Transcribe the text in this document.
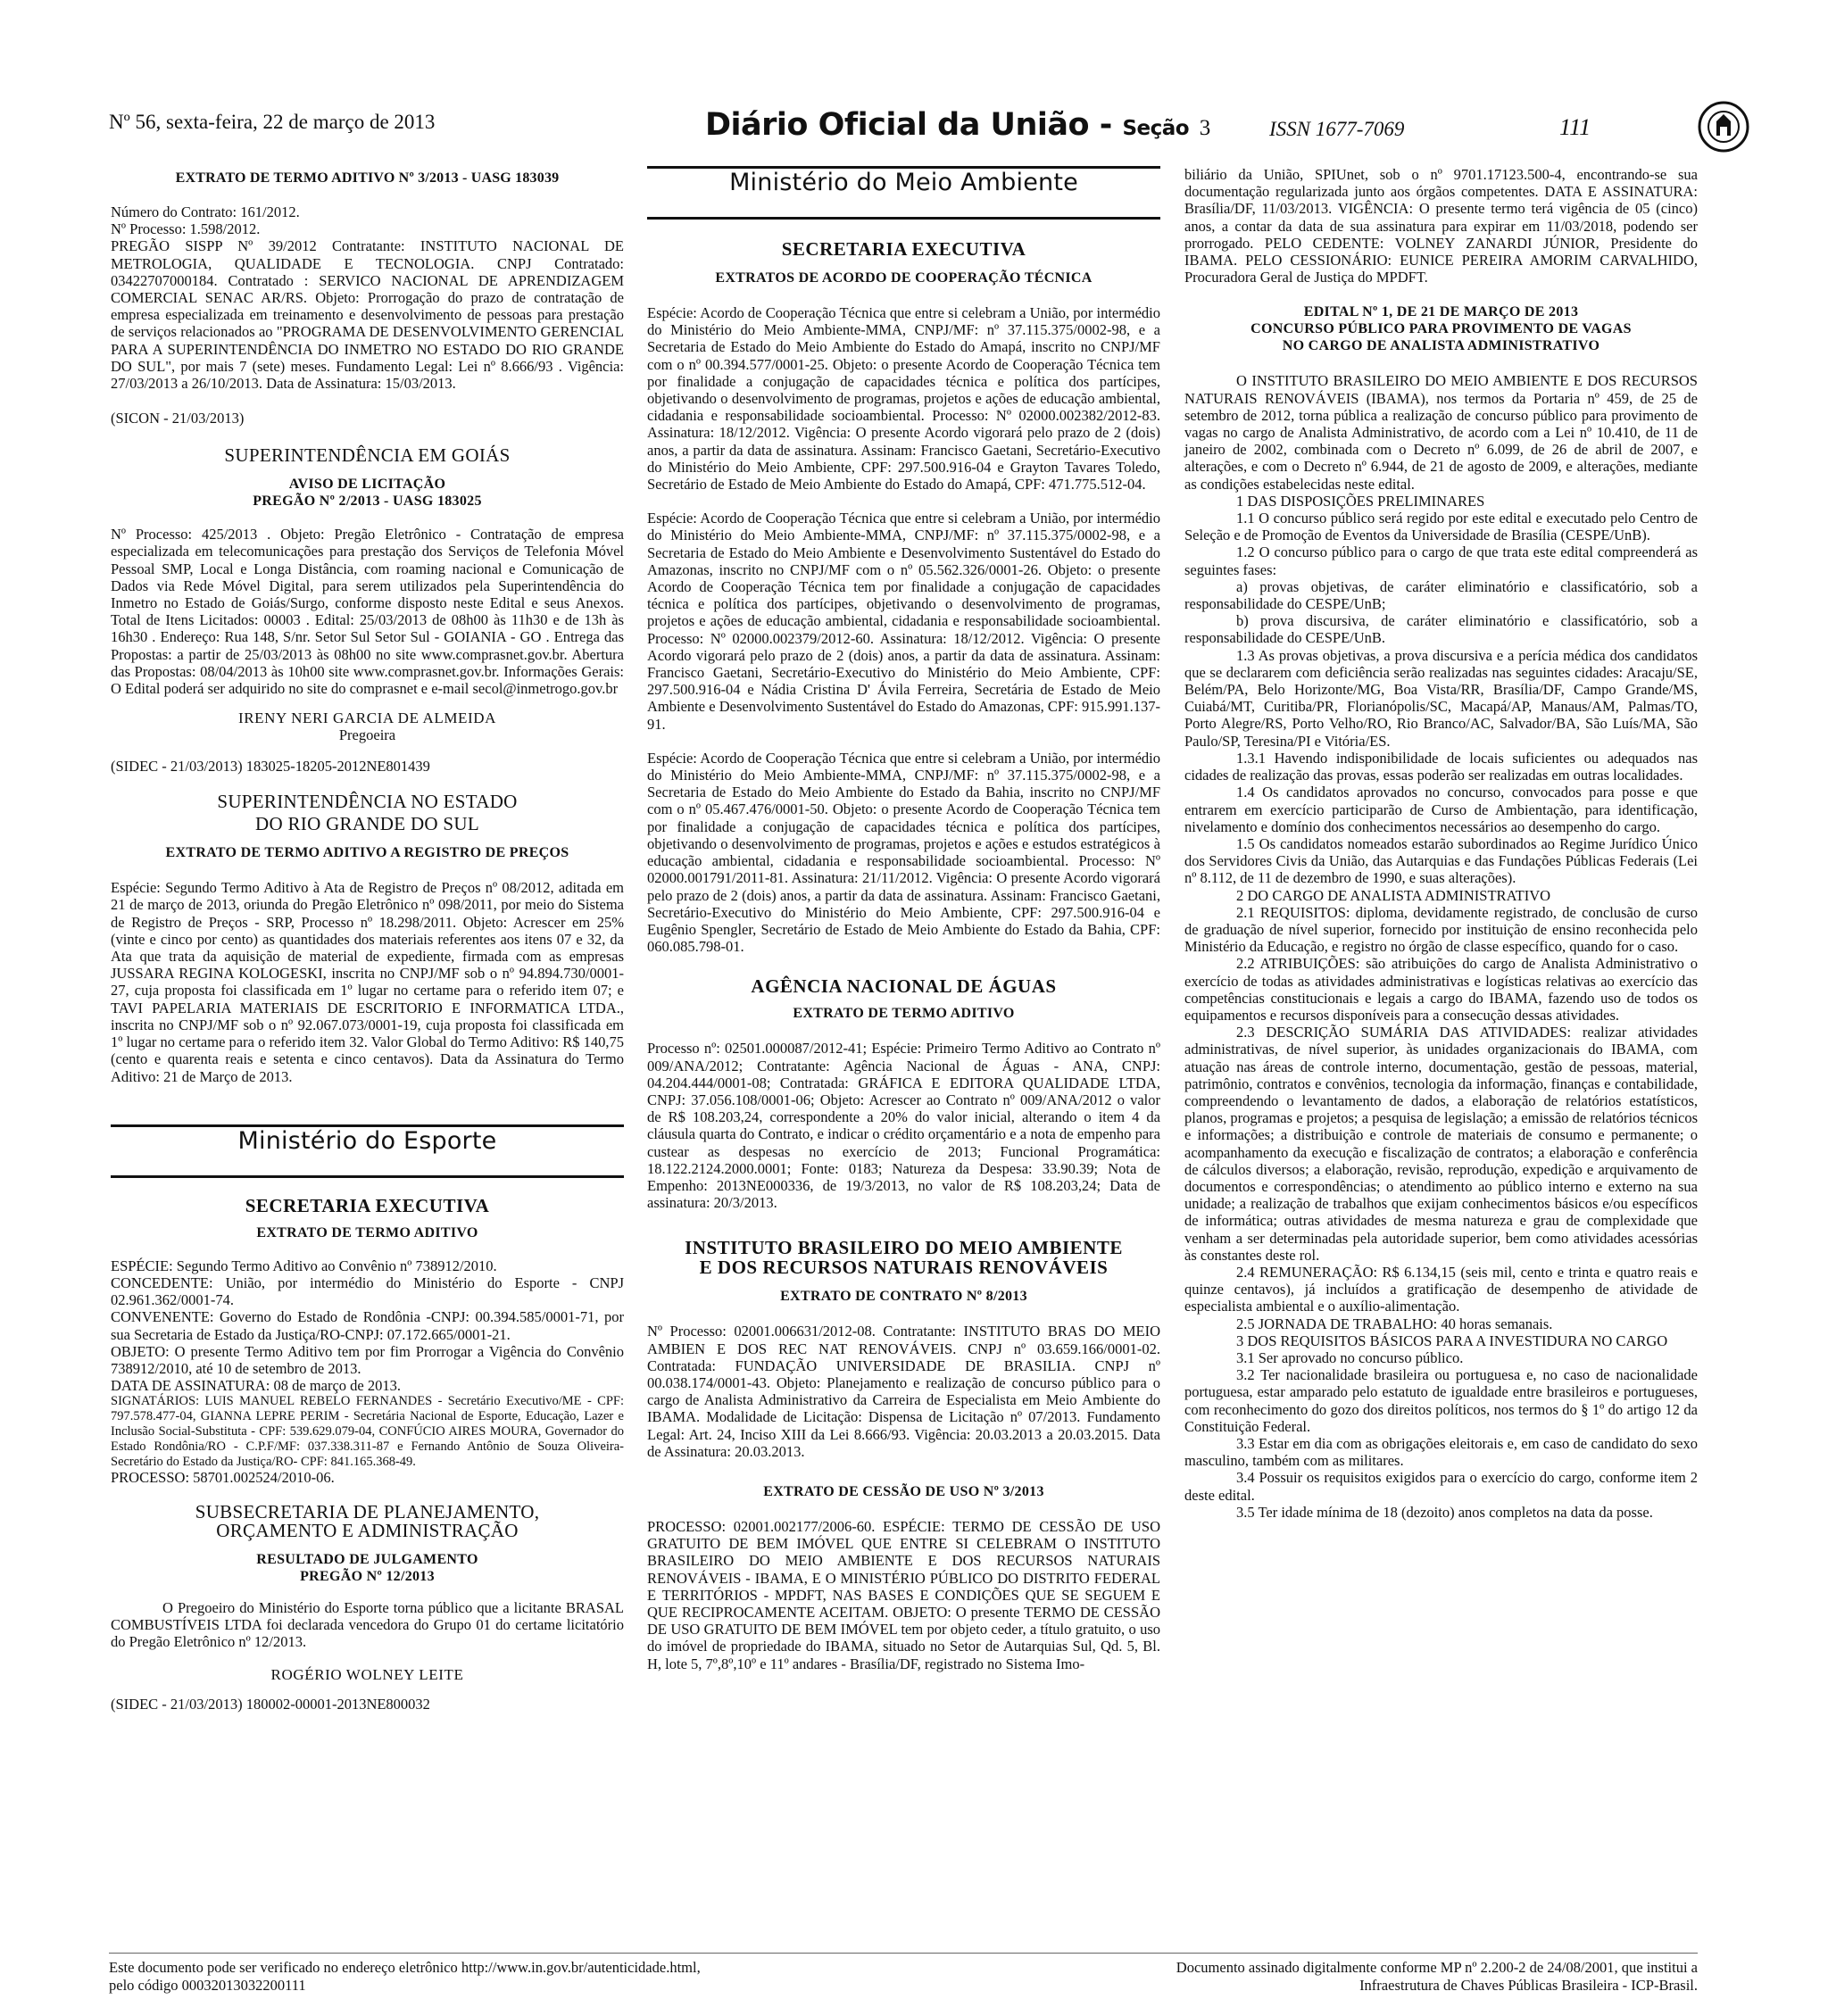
Nº 56, sexta-feira, 22 de março de 2013	Diário Oficial da União - Seção 3	ISSN 1677-7069	111
EXTRATO DE TERMO ADITIVO Nº 3/2013 - UASG 183039

Número do Contrato: 161/2012.

Nº Processo: 1.598/2012.

PREGÃO SISPP Nº 39/2012 Contratante: INSTITUTO NACIONAL DE METROLOGIA, QUALIDADE E TECNOLOGIA. CNPJ Contratado: 03422707000184. Contratado : SERVICO NACIONAL DE APRENDIZAGEM COMERCIAL SENAC AR/RS. Objeto: Prorrogação do prazo de contratação de empresa especializada em treinamento e desenvolvimento de pessoas para prestação de serviços relacionados ao "PROGRAMA DE DESENVOLVIMENTO GERENCIAL PARA A SUPERINTENDÊNCIA DO INMETRO NO ESTADO DO RIO GRANDE DO SUL", por mais 7 (sete) meses. Fundamento Legal: Lei nº 8.666/93 . Vigência: 27/03/2013 a 26/10/2013. Data de Assinatura: 15/03/2013.

(SICON - 21/03/2013)
SUPERINTENDÊNCIA EM GOIÁS
AVISO DE LICITAÇÃO
PREGÃO Nº 2/2013 - UASG 183025

Nº Processo: 425/2013 . Objeto: Pregão Eletrônico - Contratação de empresa especializada em telecomunicações para prestação dos Serviços de Telefonia Móvel Pessoal SMP, Local e Longa Distância, com roaming nacional e Comunicação de Dados via Rede Móvel Digital, para serem utilizados pela Superintendência do Inmetro no Estado de Goiás/Surgo, conforme disposto neste Edital e seus Anexos. Total de Itens Licitados: 00003 . Edital: 25/03/2013 de 08h00 às 11h30 e de 13h às 16h30 . Endereço: Rua 148, S/nr. Setor Sul Setor Sul - GOIANIA - GO . Entrega das Propostas: a partir de 25/03/2013 às 08h00 no site www.comprasnet.gov.br. Abertura das Propostas: 08/04/2013 às 10h00 site www.comprasnet.gov.br. Informações Gerais: O Edital poderá ser adquirido no site do comprasnet e e-mail secol@inmetrogo.gov.br

IRENY NERI GARCIA DE ALMEIDA
Pregoeira
(SIDEC - 21/03/2013) 183025-18205-2012NE801439
SUPERINTENDÊNCIA NO ESTADO
DO RIO GRANDE DO SUL
EXTRATO DE TERMO ADITIVO A REGISTRO DE PREÇOS

Espécie: Segundo Termo Aditivo à Ata de Registro de Preços nº 08/2012, aditada em 21 de março de 2013, oriunda do Pregão Eletrônico nº 098/2011, por meio do Sistema de Registro de Preços - SRP, Processo nº 18.298/2011. Objeto: Acrescer em 25% (vinte e cinco por cento) as quantidades dos materiais referentes aos itens 07 e 32, da Ata que trata da aquisição de material de expediente, firmada com as empresas JUSSARA REGINA KOLOGESKI, inscrita no CNPJ/MF sob o nº 94.894.730/0001-27, cuja proposta foi classificada em 1º lugar no certame para o referido item 07; e TAVI PAPELARIA MATERIAIS DE ESCRITORIO E INFORMATICA LTDA., inscrita no CNPJ/MF sob o nº 92.067.073/0001-19, cuja proposta foi classificada em 1º lugar no certame para o referido item 32. Valor Global do Termo Aditivo: R$ 140,75 (cento e quarenta reais e setenta e cinco centavos). Data da Assinatura do Termo Aditivo: 21 de Março de 2013.

Ministério do Esporte
SECRETARIA EXECUTIVA
EXTRATO DE TERMO ADITIVO

ESPÉCIE: Segundo Termo Aditivo ao Convênio nº 738912/2010.

CONCEDENTE: União, por intermédio do Ministério do Esporte - CNPJ 02.961.362/0001-74.

CONVENENTE: Governo do Estado de Rondônia -CNPJ: 00.394.585/0001-71, por sua Secretaria de Estado da Justiça/RO-CNPJ: 07.172.665/0001-21.

OBJETO: O presente Termo Aditivo tem por fim Prorrogar a Vigência do Convênio 738912/2010, até 10 de setembro de 2013.

DATA DE ASSINATURA: 08 de março de 2013.

SIGNATÁRIOS: LUIS MANUEL REBELO FERNANDES - Secretário Executivo/ME - CPF: 797.578.477-04, GIANNA LEPRE PERIM - Secretária Nacional de Esporte, Educação, Lazer e Inclusão Social-Substituta - CPF: 539.629.079-04, CONFÚCIO AIRES MOURA, Governador do Estado Rondônia/RO - C.P.F/MF: 037.338.311-87 e Fernando Antônio de Souza Oliveira- Secretário do Estado da Justiça/RO- CPF: 841.165.368-49.

PROCESSO: 58701.002524/2010-06.

SUBSECRETARIA DE PLANEJAMENTO,
ORÇAMENTO E ADMINISTRAÇÃO
RESULTADO DE JULGAMENTO
PREGÃO Nº 12/2013

O Pregoeiro do Ministério do Esporte torna público que a licitante BRASAL COMBUSTÍVEIS LTDA foi declarada vencedora do Grupo 01 do certame licitatório do Pregão Eletrônico nº 12/2013.

ROGÉRIO WOLNEY LEITE
(SIDEC - 21/03/2013) 180002-00001-2013NE800032
Ministério do Meio Ambiente
SECRETARIA EXECUTIVA
EXTRATOS DE ACORDO DE COOPERAÇÃO TÉCNICA

Espécie: Acordo de Cooperação Técnica que entre si celebram a União, por intermédio do Ministério do Meio Ambiente-MMA, CNPJ/MF: nº 37.115.375/0002-98, e a Secretaria de Estado do Meio Ambiente do Estado do Amapá, inscrito no CNPJ/MF com o nº 00.394.577/0001-25. Objeto: o presente Acordo de Cooperação Técnica tem por finalidade a conjugação de capacidades técnica e política dos partícipes, objetivando o desenvolvimento de programas, projetos e ações de educação ambiental, cidadania e responsabilidade socioambiental. Processo: Nº 02000.002382/2012-83. Assinatura: 18/12/2012. Vigência: O presente Acordo vigorará pelo prazo de 2 (dois) anos, a partir da data de assinatura. Assinam: Francisco Gaetani, Secretário-Executivo do Ministério do Meio Ambiente, CPF: 297.500.916-04 e Grayton Tavares Toledo, Secretário de Estado de Meio Ambiente do Estado do Amapá, CPF: 471.775.512-04.

Espécie: Acordo de Cooperação Técnica que entre si celebram a União, por intermédio do Ministério do Meio Ambiente-MMA, CNPJ/MF: nº 37.115.375/0002-98, e a Secretaria de Estado do Meio Ambiente e Desenvolvimento Sustentável do Estado do Amazonas, inscrito no CNPJ/MF com o nº 05.562.326/0001-26. Objeto: o presente Acordo de Cooperação Técnica tem por finalidade a conjugação de capacidades técnica e política dos partícipes, objetivando o desenvolvimento de programas, projetos e ações de educação ambiental, cidadania e responsabilidade socioambiental. Processo: Nº 02000.002379/2012-60. Assinatura: 18/12/2012. Vigência: O presente Acordo vigorará pelo prazo de 2 (dois) anos, a partir da data de assinatura. Assinam: Francisco Gaetani, Secretário-Executivo do Ministério do Meio Ambiente, CPF: 297.500.916-04 e Nádia Cristina D' Ávila Ferreira, Secretária de Estado de Meio Ambiente e Desenvolvimento Sustentável do Estado do Amazonas, CPF: 915.991.137-91.

Espécie: Acordo de Cooperação Técnica que entre si celebram a União, por intermédio do Ministério do Meio Ambiente-MMA, CNPJ/MF: nº 37.115.375/0002-98, e a Secretaria de Estado do Meio Ambiente do Estado da Bahia, inscrito no CNPJ/MF com o nº 05.467.476/0001-50. Objeto: o presente Acordo de Cooperação Técnica tem por finalidade a conjugação de capacidades técnica e política dos partícipes, objetivando o desenvolvimento de programas, projetos e ações e estudos estratégicos à educação ambiental, cidadania e responsabilidade socioambiental. Processo: Nº 02000.001791/2011-81. Assinatura: 21/11/2012. Vigência: O presente Acordo vigorará pelo prazo de 2 (dois) anos, a partir da data de assinatura. Assinam: Francisco Gaetani, Secretário-Executivo do Ministério do Meio Ambiente, CPF: 297.500.916-04 e Eugênio Spengler, Secretário de Estado de Meio Ambiente do Estado da Bahia, CPF: 060.085.798-01.

AGÊNCIA NACIONAL DE ÁGUAS
EXTRATO DE TERMO ADITIVO

Processo nº: 02501.000087/2012-41; Espécie: Primeiro Termo Aditivo ao Contrato nº 009/ANA/2012; Contratante: Agência Nacional de Águas - ANA, CNPJ: 04.204.444/0001-08; Contratada: GRÁFICA E EDITORA QUALIDADE LTDA, CNPJ: 37.056.108/0001-06; Objeto: Acrescer ao Contrato nº 009/ANA/2012 o valor de R$ 108.203,24, correspondente a 20% do valor inicial, alterando o item 4 da cláusula quarta do Contrato, e indicar o crédito orçamentário e a nota de empenho para custear as despesas no exercício de 2013; Funcional Programática: 18.122.2124.2000.0001; Fonte: 0183; Natureza da Despesa: 33.90.39; Nota de Empenho: 2013NE000336, de 19/3/2013, no valor de R$ 108.203,24; Data de assinatura: 20/3/2013.

INSTITUTO BRASILEIRO DO MEIO AMBIENTE
E DOS RECURSOS NATURAIS RENOVÁVEIS
EXTRATO DE CONTRATO Nº 8/2013

Nº Processo: 02001.006631/2012-08. Contratante: INSTITUTO BRAS DO MEIO AMBIEN E DOS REC NAT RENOVÁVEIS. CNPJ nº 03.659.166/0001-02. Contratada: FUNDAÇÃO UNIVERSIDADE DE BRASILIA. CNPJ nº 00.038.174/0001-43. Objeto: Planejamento e realização de concurso público para o cargo de Analista Administrativo da Carreira de Especialista em Meio Ambiente do IBAMA. Modalidade de Licitação: Dispensa de Licitação nº 07/2013. Fundamento Legal: Art. 24, Inciso XIII da Lei 8.666/93. Vigência: 20.03.2013 a 20.03.2015. Data de Assinatura: 20.03.2013.

EXTRATO DE CESSÃO DE USO Nº 3/2013

PROCESSO: 02001.002177/2006-60. ESPÉCIE: TERMO DE CESSÃO DE USO GRATUITO DE BEM IMÓVEL QUE ENTRE SI CELEBRAM O INSTITUTO BRASILEIRO DO MEIO AMBIENTE E DOS RECURSOS NATURAIS RENOVÁVEIS - IBAMA, E O MINISTÉRIO PÚBLICO DO DISTRITO FEDERAL E TERRITÓRIOS - MPDFT, NAS BASES E CONDIÇÕES QUE SE SEGUEM E QUE RECIPROCAMENTE ACEITAM. OBJETO: O presente TERMO DE CESSÃO DE USO GRATUITO DE BEM IMÓVEL tem por objeto ceder, a título gratuito, o uso do imóvel de propriedade do IBAMA, situado no Setor de Autarquias Sul, Qd. 5, Bl. H, lote 5, 7º,8º,10º e 11º andares - Brasília/DF, registrado no Sistema Imo-

biliário da União, SPIUnet, sob o nº 9701.17123.500-4, encontrando-se sua documentação regularizada junto aos órgãos competentes. DATA E ASSINATURA: Brasília/DF, 11/03/2013. VIGÊNCIA: O presente termo terá vigência de 05 (cinco) anos, a contar da data de sua assinatura para expirar em 11/03/2018, podendo ser prorrogado. PELO CEDENTE: VOLNEY ZANARDI JÚNIOR, Presidente do IBAMA. PELO CESSIONÁRIO: EUNICE PEREIRA AMORIM CARVALHIDO, Procuradora Geral de Justiça do MPDFT.

EDITAL Nº 1, DE 21 DE MARÇO DE 2013
CONCURSO PÚBLICO PARA PROVIMENTO DE VAGAS
NO CARGO DE ANALISTA ADMINISTRATIVO

O INSTITUTO BRASILEIRO DO MEIO AMBIENTE E DOS RECURSOS NATURAIS RENOVÁVEIS (IBAMA), nos termos da Portaria nº 459, de 25 de setembro de 2012, torna pública a realização de concurso público para provimento de vagas no cargo de Analista Administrativo, de acordo com a Lei nº 10.410, de 11 de janeiro de 2002, combinada com o Decreto nº 6.099, de 26 de abril de 2007, e alterações, e com o Decreto nº 6.944, de 21 de agosto de 2009, e alterações, mediante as condições estabelecidas neste edital.

1 DAS DISPOSIÇÕES PRELIMINARES

1.1 O concurso público será regido por este edital e executado pelo Centro de Seleção e de Promoção de Eventos da Universidade de Brasília (CESPE/UnB).

1.2 O concurso público para o cargo de que trata este edital compreenderá as seguintes fases:

a) provas objetivas, de caráter eliminatório e classificatório, sob a responsabilidade do CESPE/UnB;

b) prova discursiva, de caráter eliminatório e classificatório, sob a responsabilidade do CESPE/UnB.

1.3 As provas objetivas, a prova discursiva e a perícia médica dos candidatos que se declararem com deficiência serão realizadas nas seguintes cidades: Aracaju/SE, Belém/PA, Belo Horizonte/MG, Boa Vista/RR, Brasília/DF, Campo Grande/MS, Cuiabá/MT, Curitiba/PR, Florianópolis/SC, Macapá/AP, Manaus/AM, Palmas/TO, Porto Alegre/RS, Porto Velho/RO, Rio Branco/AC, Salvador/BA, São Luís/MA, São Paulo/SP, Teresina/PI e Vitória/ES.

1.3.1 Havendo indisponibilidade de locais suficientes ou adequados nas cidades de realização das provas, essas poderão ser realizadas em outras localidades.

1.4 Os candidatos aprovados no concurso, convocados para posse e que entrarem em exercício participarão de Curso de Ambientação, para identificação, nivelamento e domínio dos conhecimentos necessários ao desempenho do cargo.

1.5 Os candidatos nomeados estarão subordinados ao Regime Jurídico Único dos Servidores Civis da União, das Autarquias e das Fundações Públicas Federais (Lei nº 8.112, de 11 de dezembro de 1990, e suas alterações).

2 DO CARGO DE ANALISTA ADMINISTRATIVO

2.1 REQUISITOS: diploma, devidamente registrado, de conclusão de curso de graduação de nível superior, fornecido por instituição de ensino reconhecida pelo Ministério da Educação, e registro no órgão de classe específico, quando for o caso.

2.2 ATRIBUIÇÕES: são atribuições do cargo de Analista Administrativo o exercício de todas as atividades administrativas e logísticas relativas ao exercício das competências constitucionais e legais a cargo do IBAMA, fazendo uso de todos os equipamentos e recursos disponíveis para a consecução dessas atividades.

2.3 DESCRIÇÃO SUMÁRIA DAS ATIVIDADES: realizar atividades administrativas, de nível superior, às unidades organizacionais do IBAMA, com atuação nas áreas de controle interno, documentação, gestão de pessoas, material, patrimônio, contratos e convênios, tecnologia da informação, finanças e contabilidade, compreendendo o levantamento de dados, a elaboração de relatórios estatísticos, planos, programas e projetos; a pesquisa de legislação; a emissão de relatórios técnicos e informações; a distribuição e controle de materiais de consumo e permanente; o acompanhamento da execução e fiscalização de contratos; a elaboração e conferência de cálculos diversos; a elaboração, revisão, reprodução, expedição e arquivamento de documentos e correspondências; o atendimento ao público interno e externo na sua unidade; a realização de trabalhos que exijam conhecimentos básicos e/ou específicos de informática; outras atividades de mesma natureza e grau de complexidade que venham a ser determinadas pela autoridade superior, bem como atividades acessórias às constantes deste rol.

2.4 REMUNERAÇÃO: R$ 6.134,15 (seis mil, cento e trinta e quatro reais e quinze centavos), já incluídos a gratificação de desempenho de atividade de especialista ambiental e o auxílio-alimentação.

2.5 JORNADA DE TRABALHO: 40 horas semanais.

3 DOS REQUISITOS BÁSICOS PARA A INVESTIDURA NO CARGO

3.1 Ser aprovado no concurso público.

3.2 Ter nacionalidade brasileira ou portuguesa e, no caso de nacionalidade portuguesa, estar amparado pelo estatuto de igualdade entre brasileiros e portugueses, com reconhecimento do gozo dos direitos políticos, nos termos do § 1º do artigo 12 da Constituição Federal.

3.3 Estar em dia com as obrigações eleitorais e, em caso de candidato do sexo masculino, também com as militares.

3.4 Possuir os requisitos exigidos para o exercício do cargo, conforme item 2 deste edital.

3.5 Ter idade mínima de 18 (dezoito) anos completos na data da posse.

Este documento pode ser verificado no endereço eletrônico http://www.in.gov.br/autenticidade.html,
pelo código 00032013032200111
Documento assinado digitalmente conforme MP nº 2.200-2 de 24/08/2001, que institui a
Infraestrutura de Chaves Públicas Brasileira - ICP-Brasil.
